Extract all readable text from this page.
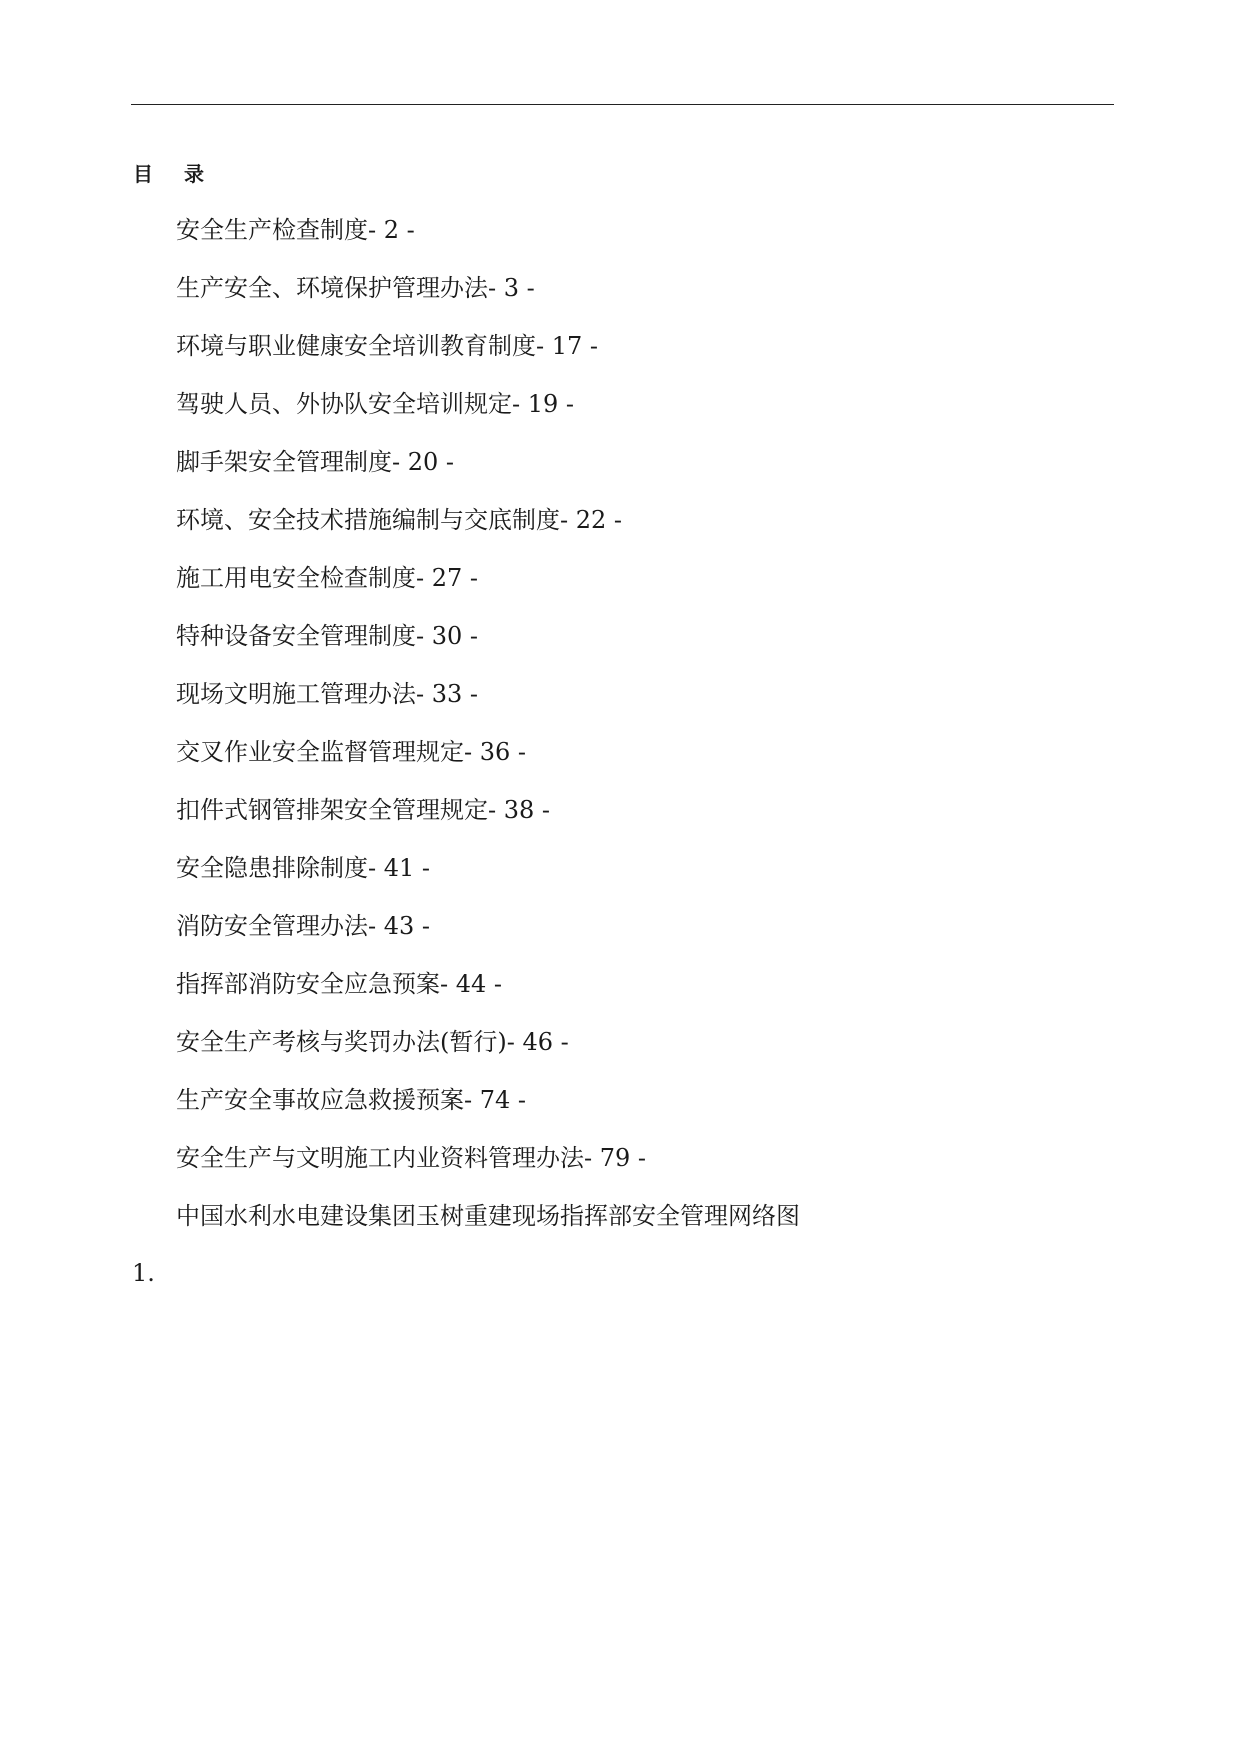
目 录
安全生产检查制度- 2 -
生产安全、环境保护管理办法- 3 -
环境与职业健康安全培训教育制度- 17 -
驾驶人员、外协队安全培训规定- 19 -
脚手架安全管理制度- 20 -
环境、安全技术措施编制与交底制度- 22 -
施工用电安全检查制度- 27 -
特种设备安全管理制度- 30 -
现场文明施工管理办法- 33 -
交叉作业安全监督管理规定- 36 -
扣件式钢管排架安全管理规定- 38 -
安全隐患排除制度- 41 -
消防安全管理办法- 43 -
指挥部消防安全应急预案- 44 -
安全生产考核与奖罚办法(暂行)- 46 -
生产安全事故应急救援预案- 74 -
安全生产与文明施工内业资料管理办法- 79 -
中国水利水电建设集团玉树重建现场指挥部安全管理网络图
1.
